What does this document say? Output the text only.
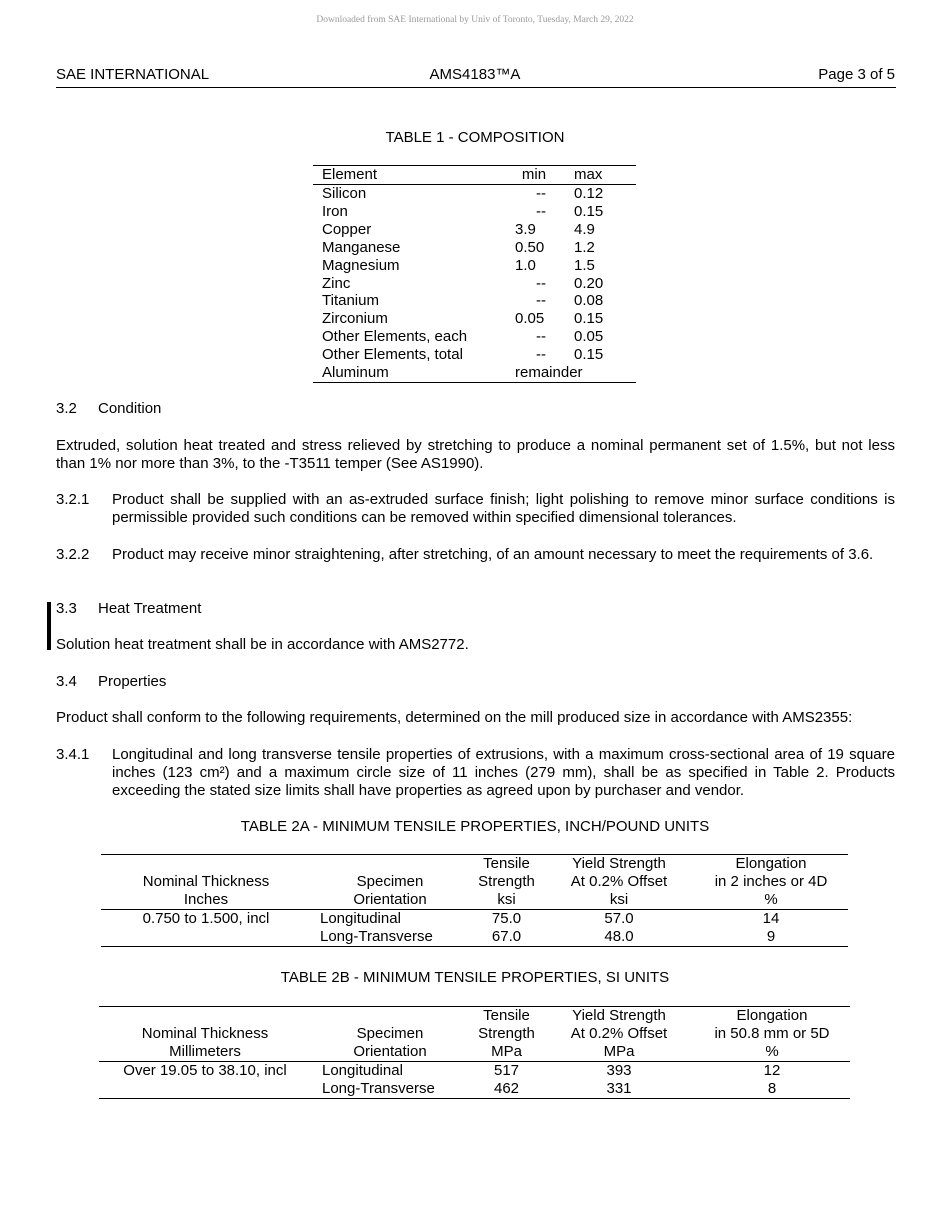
Downloaded from SAE International by Univ of Toronto, Tuesday, March 29, 2022
SAE INTERNATIONAL	AMS4183™A	Page 3 of 5
TABLE 1 - COMPOSITION
Element	min	max
Silicon	--	0.12
Iron	--	0.15
Copper	3.9	4.9
Manganese	0.50	1.2
Magnesium	1.0	1.5
Zinc	--	0.20
Titanium	--	0.08
Zirconium	0.05	0.15
Other Elements, each	--	0.05
Other Elements, total	--	0.15
Aluminum	remainder	
3.2 Condition
Extruded, solution heat treated and stress relieved by stretching to produce a nominal permanent set of 1.5%, but not less than 1% nor more than 3%, to the -T3511 temper (See AS1990).
3.2.1 Product shall be supplied with an as-extruded surface finish; light polishing to remove minor surface conditions is permissible provided such conditions can be removed within specified dimensional tolerances.
3.2.2 Product may receive minor straightening, after stretching, of an amount necessary to meet the requirements of 3.6.
3.3 Heat Treatment
Solution heat treatment shall be in accordance with AMS2772.
3.4 Properties
Product shall conform to the following requirements, determined on the mill produced size in accordance with AMS2355:
3.4.1 Longitudinal and long transverse tensile properties of extrusions, with a maximum cross-sectional area of 19 square inches (123 cm²) and a maximum circle size of 11 inches (279 mm), shall be as specified in Table 2. Products exceeding the stated size limits shall have properties as agreed upon by purchaser and vendor.
TABLE 2A - MINIMUM TENSILE PROPERTIES, INCH/POUND UNITS
		Tensile	Yield Strength	Elongation
Nominal Thickness	Specimen	Strength	At 0.2% Offset	in 2 inches or 4D
Inches	Orientation	ksi	ksi	%
0.750 to 1.500, incl	Longitudinal	75.0	57.0	14
	Long-Transverse	67.0	48.0	9
TABLE 2B - MINIMUM TENSILE PROPERTIES, SI UNITS
		Tensile	Yield Strength	Elongation
Nominal Thickness	Specimen	Strength	At 0.2% Offset	in 50.8 mm or 5D
Millimeters	Orientation	MPa	MPa	%
Over 19.05 to 38.10, incl	Longitudinal	517	393	12
	Long-Transverse	462	331	8
